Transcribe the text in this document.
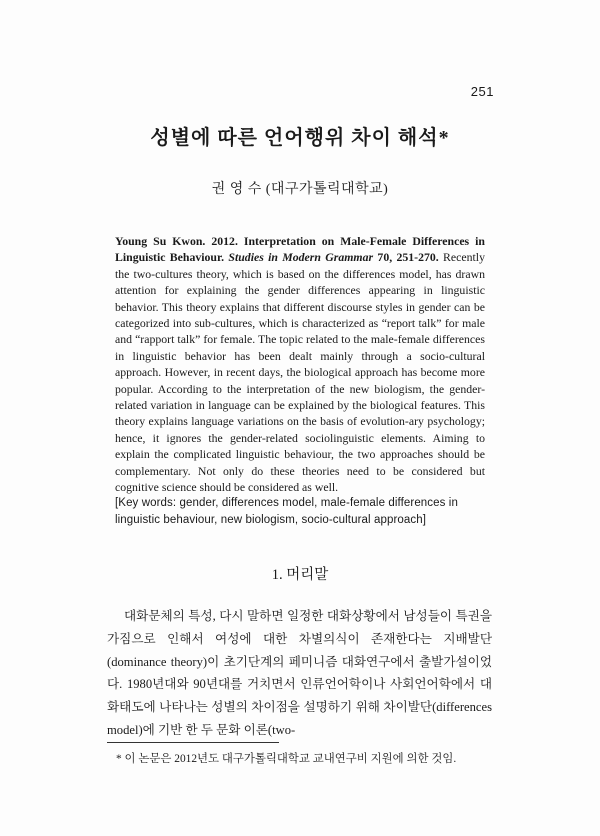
251
성별에 따른 언어행위 차이 해석*
권 영 수 (대구가톨릭대학교)
Young Su Kwon. 2012. Interpretation on Male-Female Differences in Linguistic Behaviour. Studies in Modern Grammar 70, 251-270. Recently the two-cultures theory, which is based on the differences model, has drawn attention for explaining the gender differences appearing in linguistic behavior. This theory explains that different discourse styles in gender can be categorized into sub-cultures, which is characterized as “report talk” for male and “rapport talk” for female. The topic related to the male-female differences in linguistic behavior has been dealt mainly through a socio-cultural approach. However, in recent days, the biological approach has become more popular. According to the interpretation of the new biologism, the gender-related variation in language can be explained by the biological features. This theory explains language variations on the basis of evolution-ary psychology; hence, it ignores the gender-related sociolinguistic elements. Aiming to explain the complicated linguistic behaviour, the two approaches should be complementary. Not only do these theories need to be considered but cognitive science should be considered as well.
[Key words: gender, differences model, male-female differences in linguistic behaviour, new biologism, socio-cultural approach]
1. 머리말

대화문체의 특성, 다시 말하면 일정한 대화상황에서 남성들이 특권을 가짐으로 인해서 여성에 대한 차별의식이 존재한다는 지배발단(dominance theory)이 초기단계의 페미니즘 대화연구에서 출발가설이었다. 1980년대와 90년대를 거치면서 인류언어학이나 사회언어학에서 대화태도에 나타나는 성별의 차이점을 설명하기 위해 차이발단(differences model)에 기반 한 두 문화 이론(two-

* 이 논문은 2012년도 대구가톨릭대학교 교내연구비 지원에 의한 것임.
